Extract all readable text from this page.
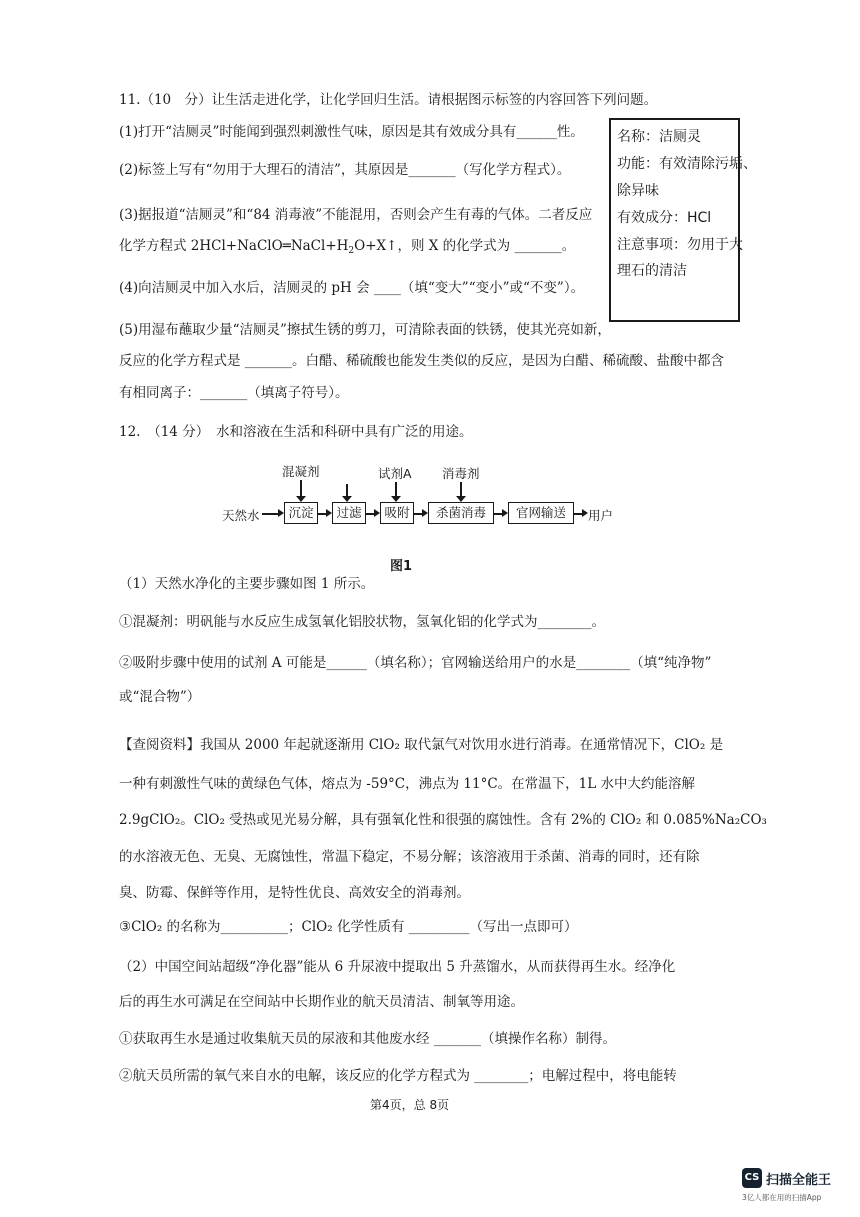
11.（10　分）让生活走进化学，让化学回归生活。请根据图示标签的内容回答下列问题。
(1)打开“洁厕灵”时能闻到强烈刺激性气味，原因是其有效成分具有______性。
(2)标签上写有“勿用于大理石的清洁”，其原因是_______（写化学方程式）。
(3)据报道“洁厕灵”和“84 消毒液”不能混用，否则会产生有毒的气体。二者反应
化学方程式 $2HCl+NaClO═NaCl+H_2O+X↑$，则 X 的化学式为 _______。
(4)向洁厕灵中加入水后，洁厕灵的 pH 会 ____（填“变大”“变小”或“不变”）。
(5)用湿布蘸取少量“洁厕灵”擦拭生锈的剪刀，可清除表面的铁锈，使其光亮如新，
反应的化学方程式是 _______。白醋、稀硫酸也能发生类似的反应，是因为白醋、稀硫酸、盐酸中都含
有相同离子：_______（填离子符号）。
名称：洁厕灵
功能：有效清除污垢、
除异味
有效成分：HCl
注意事项：勿用于大
理石的清洁
12.　（14 分）　水和溶液在生活和科研中具有广泛的用途。
混凝剂	试剂A 消毒剂
天然水	沉淀	过滤	吸附	杀菌消毒	官网输送	用户
图1
（1）天然水净化的主要步骤如图 1 所示。
①混凝剂：明矾能与水反应生成氢氧化铝胶状物，氢氧化铝的化学式为________。
②吸附步骤中使用的试剂 A 可能是______（填名称）；官网输送给用户的水是________（填“纯净物”
或“混合物”）
【查阅资料】我国从 2000 年起就逐渐用 ClO₂ 取代氯气对饮用水进行消毒。在通常情况下，ClO₂ 是
一种有刺激性气味的黄绿色气体，熔点为 -59°C，沸点为 11°C。在常温下，1L 水中大约能溶解
2.9gClO₂。ClO₂ 受热或见光易分解，具有强氧化性和很强的腐蚀性。含有 2%的 ClO₂ 和 0.085%Na₂CO₃
的水溶液无色、无臭、无腐蚀性，常温下稳定，不易分解；该溶液用于杀菌、消毒的同时，还有除
臭、防霉、保鲜等作用，是特性优良、高效安全的消毒剂。
③ClO₂ 的名称为__________；ClO₂ 化学性质有 _________（写出一点即可）
（2）中国空间站超级“净化器”能从 6 升尿液中提取出 5 升蒸馏水，从而获得再生水。经净化
后的再生水可满足在空间站中长期作业的航天员清洁、制氧等用途。
①获取再生水是通过收集航天员的尿液和其他废水经 _______（填操作名称）制得。
②航天员所需的氧气来自水的电解，该反应的化学方程式为 ________；电解过程中，将电能转
第4页，总 8页
CS 扫描全能王
3亿人都在用的扫描App
